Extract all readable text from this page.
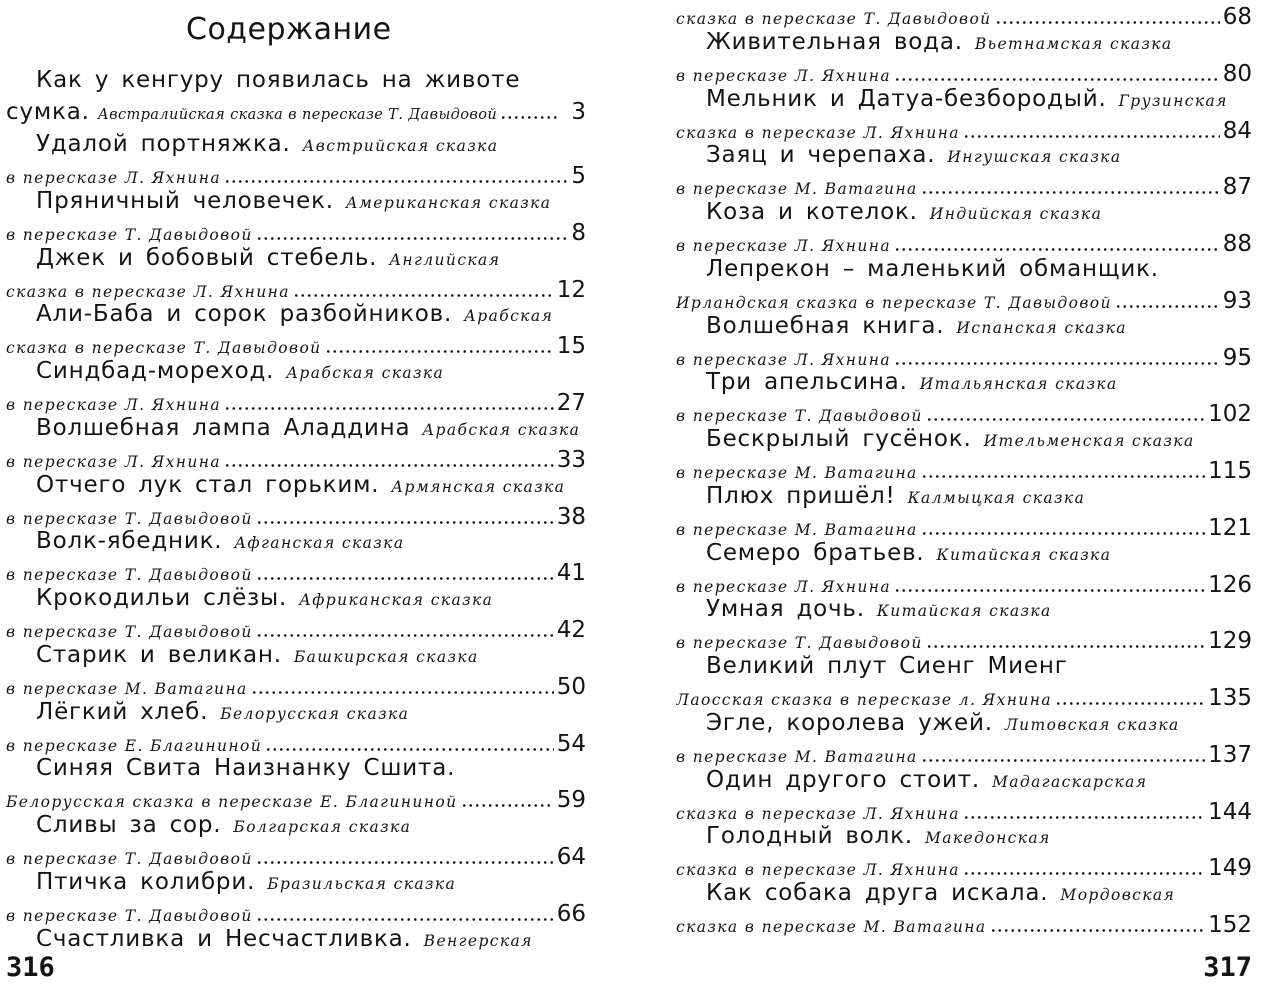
Содержание
Как у кенгуру появилась на животе
сумка. Австралийская сказка в пересказе Т. Давыдовой	3
Удалой портняжка. Австрийская сказка
в пересказе Л. Яхнина	5
Пряничный человечек. Американская сказка
в пересказе Т. Давыдовой	8
Джек и бобовый стебель. Английская
сказка в пересказе Л. Яхнина	12
Али-Баба и сорок разбойников. Арабская
сказка в пересказе Т. Давыдовой	15
Синдбад-мореход. Арабская сказка
в пересказе Л. Яхнина	27
Волшебная лампа Аладдина Арабская сказка
в пересказе Л. Яхнина	33
Отчего лук стал горьким. Армянская сказка
в пересказе Т. Давыдовой	38
Волк-ябедник. Афганская сказка
в пересказе Т. Давыдовой	41
Крокодильи слёзы. Африканская сказка
в пересказе Т. Давыдовой	42
Старик и великан. Башкирская сказка
в пересказе М. Ватагина	50
Лёгкий хлеб. Белорусская сказка
в пересказе Е. Благининой	54
Синяя Свита Наизнанку Сшита.
Белорусская сказка в пересказе Е. Благининой	59
Сливы за сор. Болгарская сказка
в пересказе Т. Давыдовой	64
Птичка колибри. Бразильская сказка
в пересказе Т. Давыдовой	66
Счастливка и Несчастливка. Венгерская
316
сказка в пересказе Т. Давыдовой	68
Живительная вода. Вьетнамская сказка
в пересказе Л. Яхнина	80
Мельник и Датуа-безбородый. Грузинская
сказка в пересказе Л. Яхнина	84
Заяц и черепаха. Ингушская сказка
в пересказе М. Ватагина	87
Коза и котелок. Индийская сказка
в пересказе Л. Яхнина	88
Лепрекон – маленький обманщик.
Ирландская сказка в пересказе Т. Давыдовой	93
Волшебная книга. Испанская сказка
в пересказе Л. Яхнина	95
Три апельсина. Итальянская сказка
в пересказе Т. Давыдовой	102
Бескрылый гусёнок. Ительменская сказка
в пересказе М. Ватагина	115
Плюх пришёл! Калмыцкая сказка
в пересказе М. Ватагина	121
Семеро братьев. Китайская сказка
в пересказе Л. Яхнина	126
Умная дочь. Китайская сказка
в пересказе Т. Давыдовой	129
Великий плут Сиенг Миенг
Лаосская сказка в пересказе л. Яхнина	135
Эгле, королева ужей. Литовская сказка
в пересказе М. Ватагина	137
Один другого стоит. Мадагаскарская
сказка в пересказе Л. Яхнина	144
Голодный волк. Македонская
сказка в пересказе Л. Яхнина	149
Как собака друга искала. Мордовская
сказка в пересказе М. Ватагина	152
317
